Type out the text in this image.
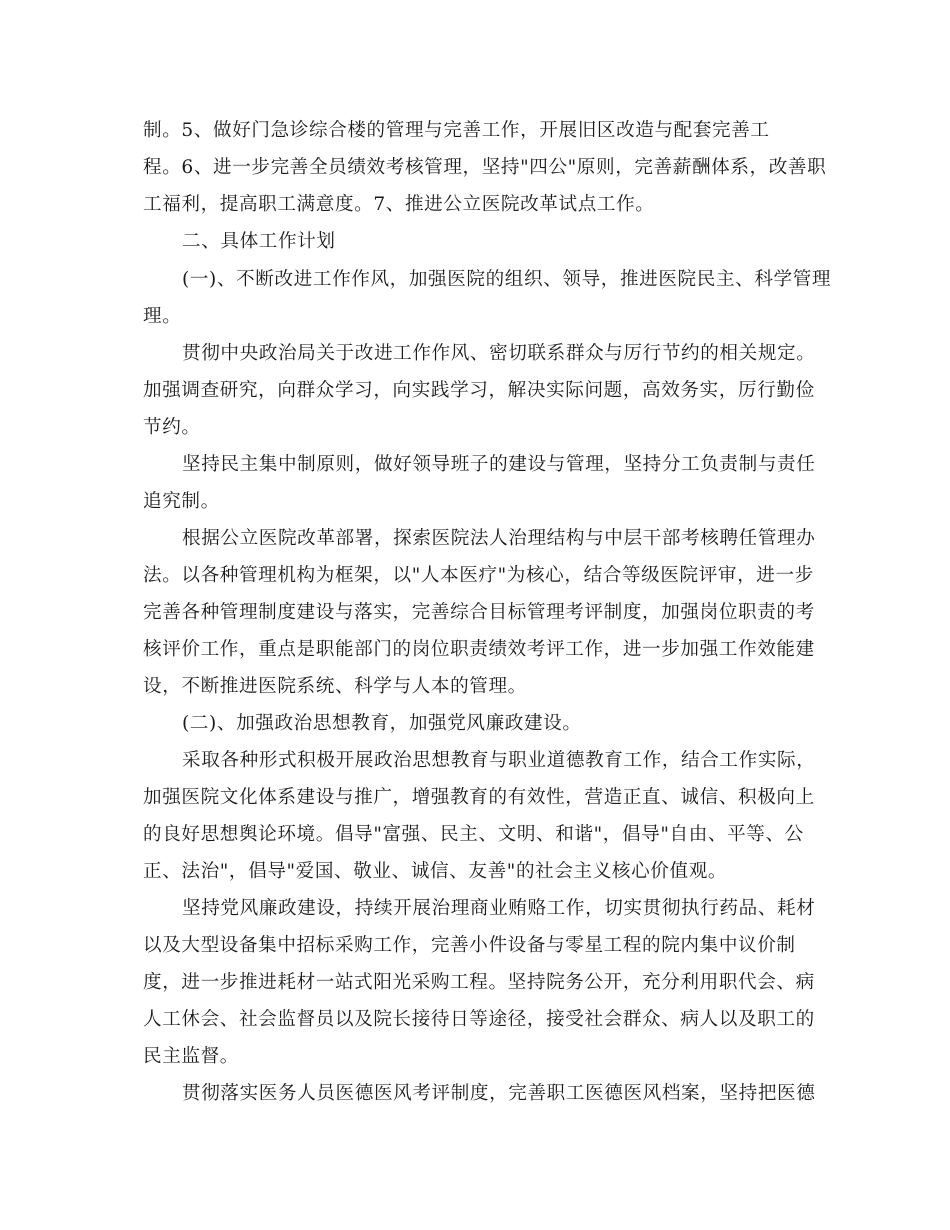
制。5、做好门急诊综合楼的管理与完善工作，开展旧区改造与配套完善工
程。6、进一步完善全员绩效考核管理，坚持"四公"原则，完善薪酬体系，改善职
工福利，提高职工满意度。7、推进公立医院改革试点工作。
二、具体工作计划
(一)、不断改进工作作风，加强医院的组织、领导，推进医院民主、科学管理
理。
贯彻中央政治局关于改进工作作风、密切联系群众与厉行节约的相关规定。
加强调查研究，向群众学习，向实践学习，解决实际问题，高效务实，厉行勤俭
节约。
坚持民主集中制原则，做好领导班子的建设与管理，坚持分工负责制与责任
追究制。
根据公立医院改革部署，探索医院法人治理结构与中层干部考核聘任管理办
法。以各种管理机构为框架，以"人本医疗"为核心，结合等级医院评审，进一步
完善各种管理制度建设与落实，完善综合目标管理考评制度，加强岗位职责的考
核评价工作，重点是职能部门的岗位职责绩效考评工作，进一步加强工作效能建
设，不断推进医院系统、科学与人本的管理。
(二)、加强政治思想教育，加强党风廉政建设。
采取各种形式积极开展政治思想教育与职业道德教育工作，结合工作实际，
加强医院文化体系建设与推广，增强教育的有效性，营造正直、诚信、积极向上
的良好思想舆论环境。倡导"富强、民主、文明、和谐"，倡导"自由、平等、公
正、法治"，倡导"爱国、敬业、诚信、友善"的社会主义核心价值观。
坚持党风廉政建设，持续开展治理商业贿赂工作，切实贯彻执行药品、耗材
以及大型设备集中招标采购工作，完善小件设备与零星工程的院内集中议价制
度，进一步推进耗材一站式阳光采购工程。坚持院务公开，充分利用职代会、病
人工休会、社会监督员以及院长接待日等途径，接受社会群众、病人以及职工的
民主监督。
贯彻落实医务人员医德医风考评制度，完善职工医德医风档案，坚持把医德
